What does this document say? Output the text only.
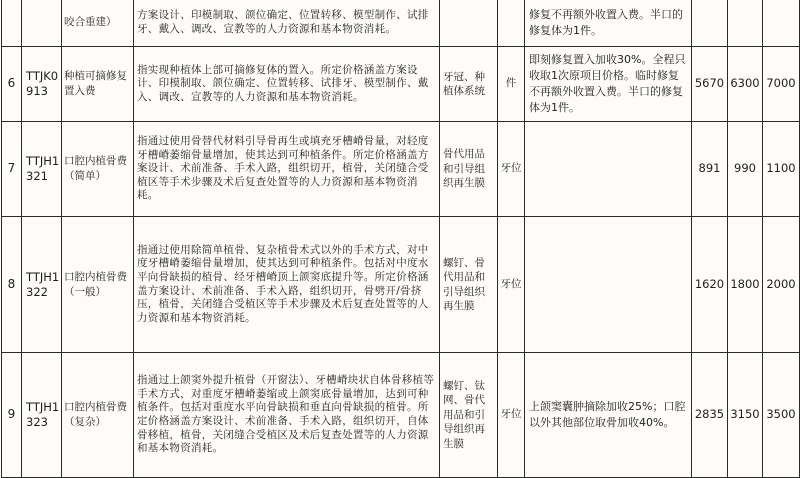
		咬合重建）	方案设计、印模制取、颌位确定、位置转移、模型制作、试排牙、戴入、调改、宣教等的人力资源和基本物资消耗。			修复不再额外收置入费。半口的修复体为1件。			
6	TTJK0913	种植可摘修复置入费	指实现种植体上部可摘修复体的置入。所定价格涵盖方案设计、印模制取、颌位确定、位置转移、试排牙、模型制作、戴入、调改、宣教等的人力资源和基本物资消耗。	牙冠、种植体系统	件	即刻修复置入加收30%。全程只收取1次原项目价格。临时修复不再额外收置入费。半口的修复体为1件。	5670	6300	7000
7	TTJH1321	口腔内植骨费（简单）	指通过使用骨替代材料引导骨再生或填充牙槽嵴骨量，对轻度牙槽嵴萎缩骨量增加，使其达到可种植条件。所定价格涵盖方案设计、术前准备、手术入路，组织切开，植骨，关闭缝合受植区等手术步骤及术后复查处置等的人力资源和基本物资消耗。	骨代用品和引导组织再生膜	牙位		891	990	1100
8	TTJH1322	口腔内植骨费（一般）	指通过使用除简单植骨、复杂植骨术式以外的手术方式，对中度牙槽嵴萎缩骨量增加，使其达到可种植条件。包括对中度水平向骨缺损的植骨、经牙槽嵴顶上颌窦底提升等。所定价格涵盖方案设计、术前准备、手术入路，组织切开，骨劈开/骨挤压，植骨，关闭缝合受植区等手术步骤及术后复查处置等的人力资源和基本物资消耗。	螺钉、骨代用品和引导组织再生膜	牙位		1620	1800	2000
9	TTJH1323	口腔内植骨费（复杂）	指通过上颌窦外提升植骨（开窗法）、牙槽嵴块状自体骨移植等手术方式，对重度牙槽嵴萎缩或上颌窦底骨量增加，达到可种植条件。包括对重度水平向骨缺损和垂直向骨缺损的植骨。所定价格涵盖方案设计、术前准备、手术入路，组织切开，自体骨移植，植骨，关闭缝合受植区及术后复查处置等的人力资源和基本物资消耗。	螺钉、钛网、骨代用品和引导组织再生膜	牙位	上颌窦囊肿摘除加收25%；口腔以外其他部位取骨加收40%。	2835	3150	3500
